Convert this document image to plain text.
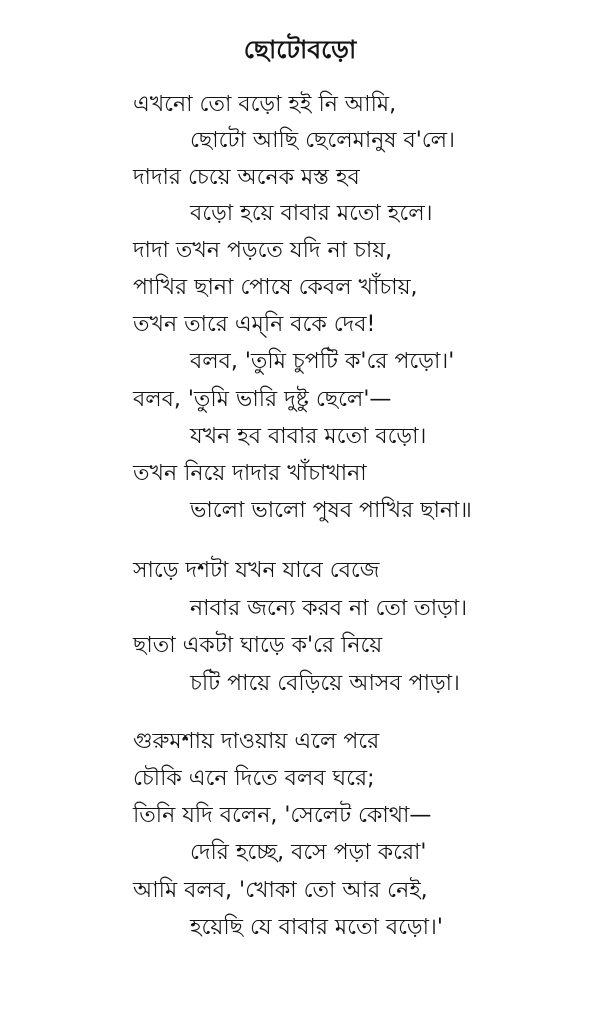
ছোটোবড়ো
এখনো তো বড়ো হই নি আমি,
ছোটো আছি ছেলেমানুষ ব'লে।
দাদার চেয়ে অনেক মস্ত হব
বড়ো হয়ে বাবার মতো হলে।
দাদা তখন পড়তে যদি না চায়,
পাখির ছানা পোষে কেবল খাঁচায়,
তখন তারে এম্‌নি বকে দেব!
বলব, 'তুমি চুপটি ক'রে পড়ো।'
বলব, 'তুমি ভারি দুষ্টু ছেলে'—
যখন হব বাবার মতো বড়ো।
তখন নিয়ে দাদার খাঁচাখানা
ভালো ভালো পুষব পাখির ছানা॥
সাড়ে দশটা যখন যাবে বেজে
নাবার জন্যে করব না তো তাড়া।
ছাতা একটা ঘাড়ে ক'রে নিয়ে
চটি পায়ে বেড়িয়ে আসব পাড়া।
গুরুমশায় দাওয়ায় এলে পরে
চৌকি এনে দিতে বলব ঘরে;
তিনি যদি বলেন, 'সেলেট কোথা—
দেরি হচ্ছে, বসে পড়া করো'
আমি বলব, 'খোকা তো আর নেই,
হয়েছি যে বাবার মতো বড়ো।'
